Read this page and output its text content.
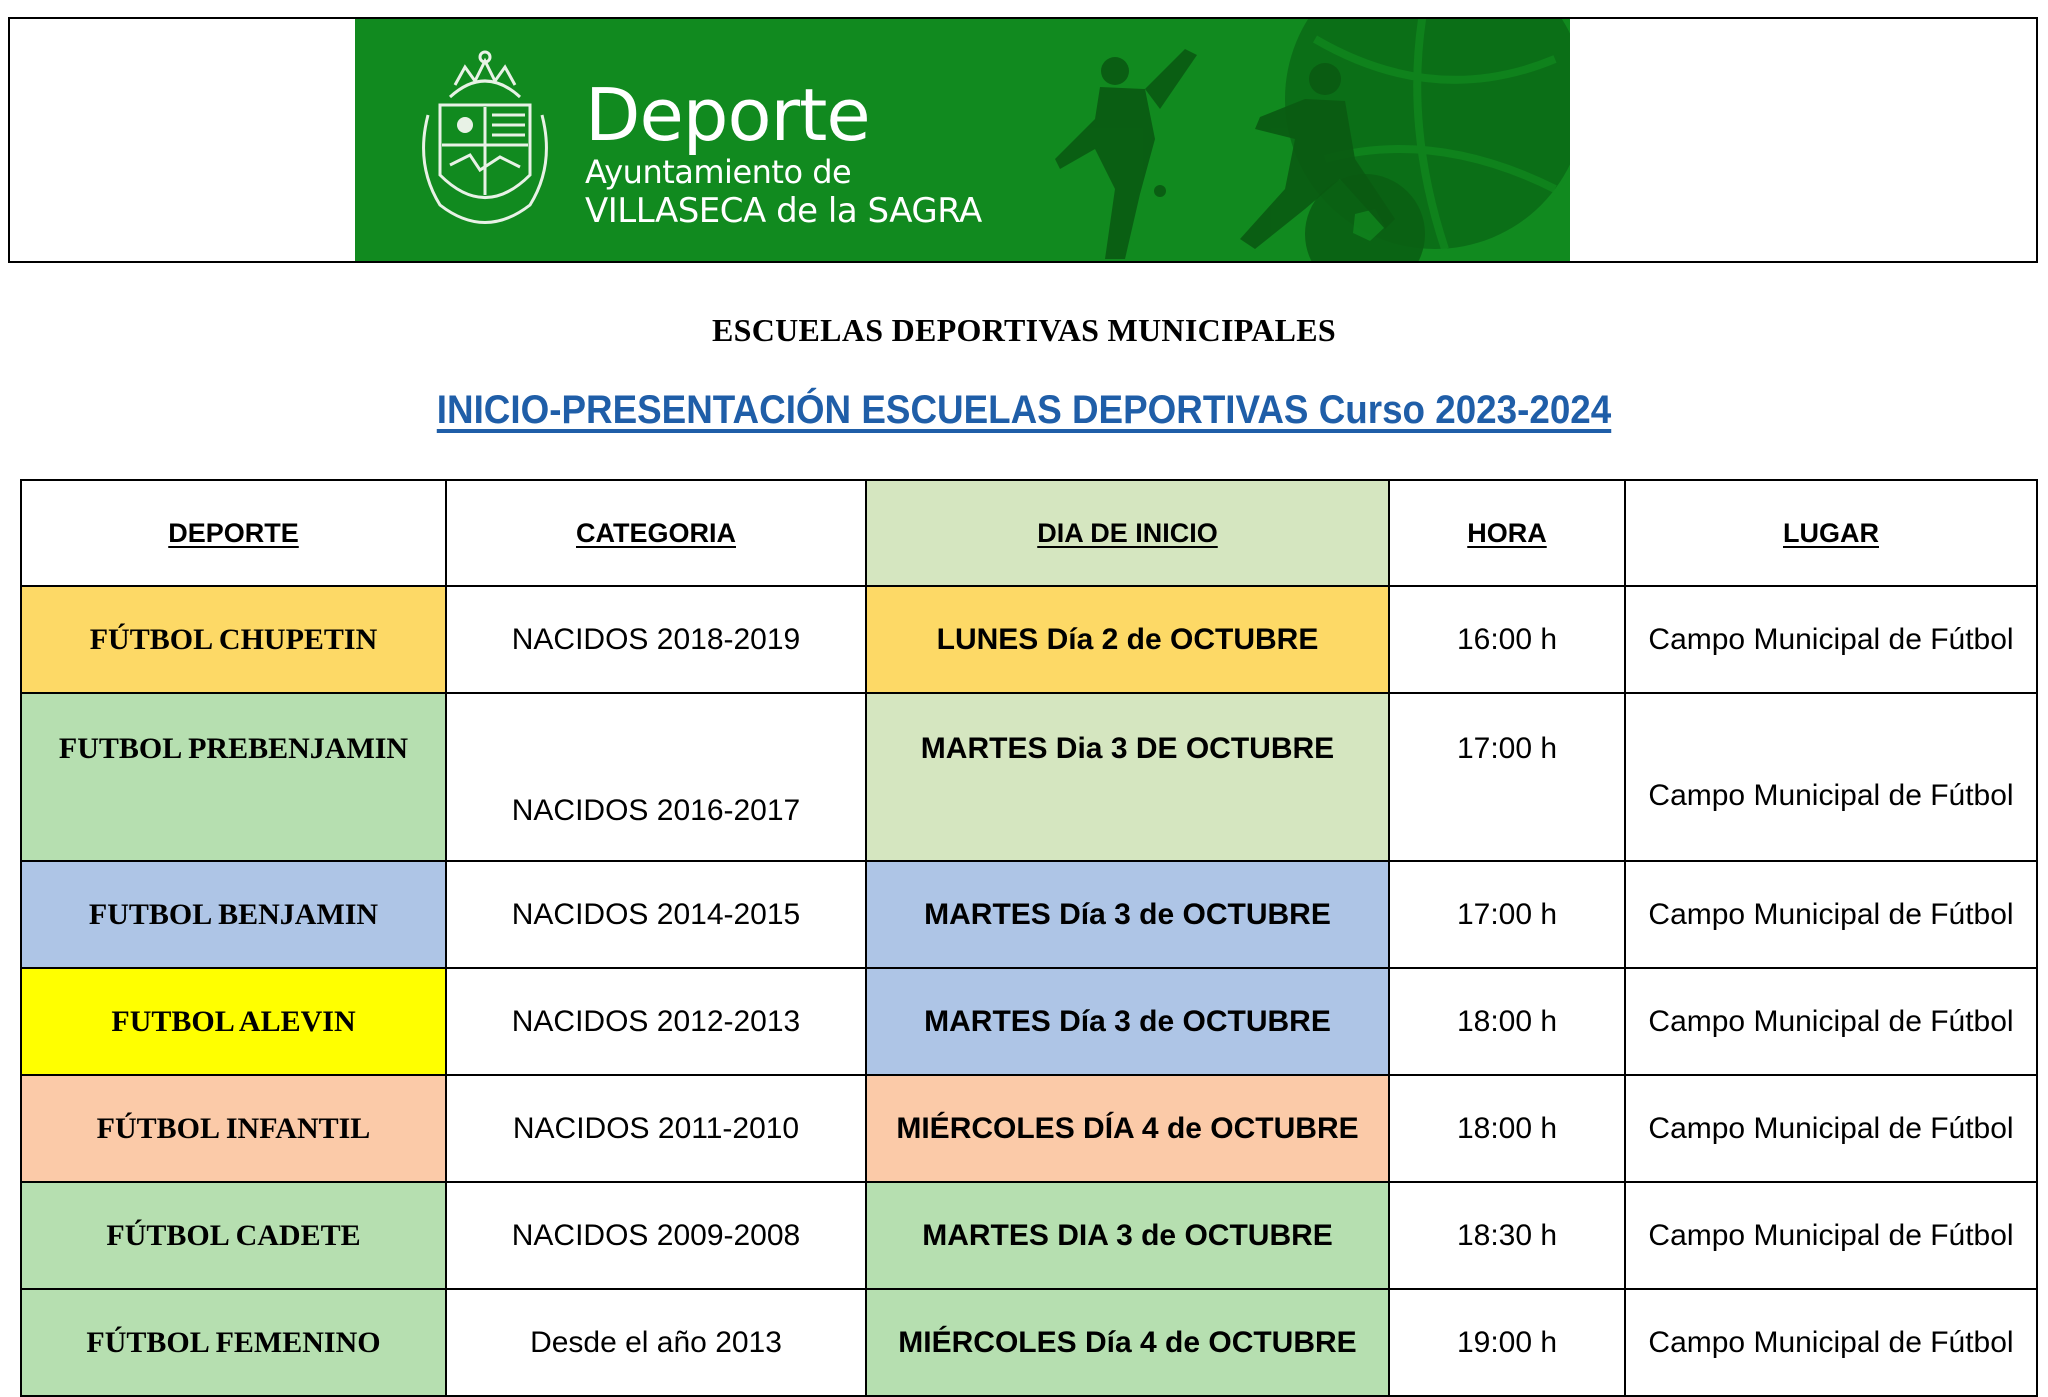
Deporte
Ayuntamiento de
VILLASECA de la SAGRA
ESCUELAS DEPORTIVAS MUNICIPALES
INICIO-PRESENTACIÓN ESCUELAS DEPORTIVAS Curso 2023-2024
DEPORTE	CATEGORIA	DIA DE INICIO	HORA	LUGAR
FÚTBOL CHUPETIN	NACIDOS 2018-2019	LUNES Día 2 de OCTUBRE	16:00 h	Campo Municipal de Fútbol
FUTBOL PREBENJAMIN	NACIDOS 2016-2017	MARTES Dia 3 DE OCTUBRE	17:00 h	Campo Municipal de Fútbol
FUTBOL BENJAMIN	NACIDOS 2014-2015	MARTES Día 3 de OCTUBRE	17:00 h	Campo Municipal de Fútbol
FUTBOL ALEVIN	NACIDOS 2012-2013	MARTES Día 3 de OCTUBRE	18:00 h	Campo Municipal de Fútbol
FÚTBOL INFANTIL	NACIDOS 2011-2010	MIÉRCOLES DÍA 4 de OCTUBRE	18:00 h	Campo Municipal de Fútbol
FÚTBOL CADETE	NACIDOS 2009-2008	MARTES DIA 3 de OCTUBRE	18:30 h	Campo Municipal de Fútbol
FÚTBOL FEMENINO	Desde el año 2013	MIÉRCOLES Día 4 de OCTUBRE	19:00 h	Campo Municipal de Fútbol
